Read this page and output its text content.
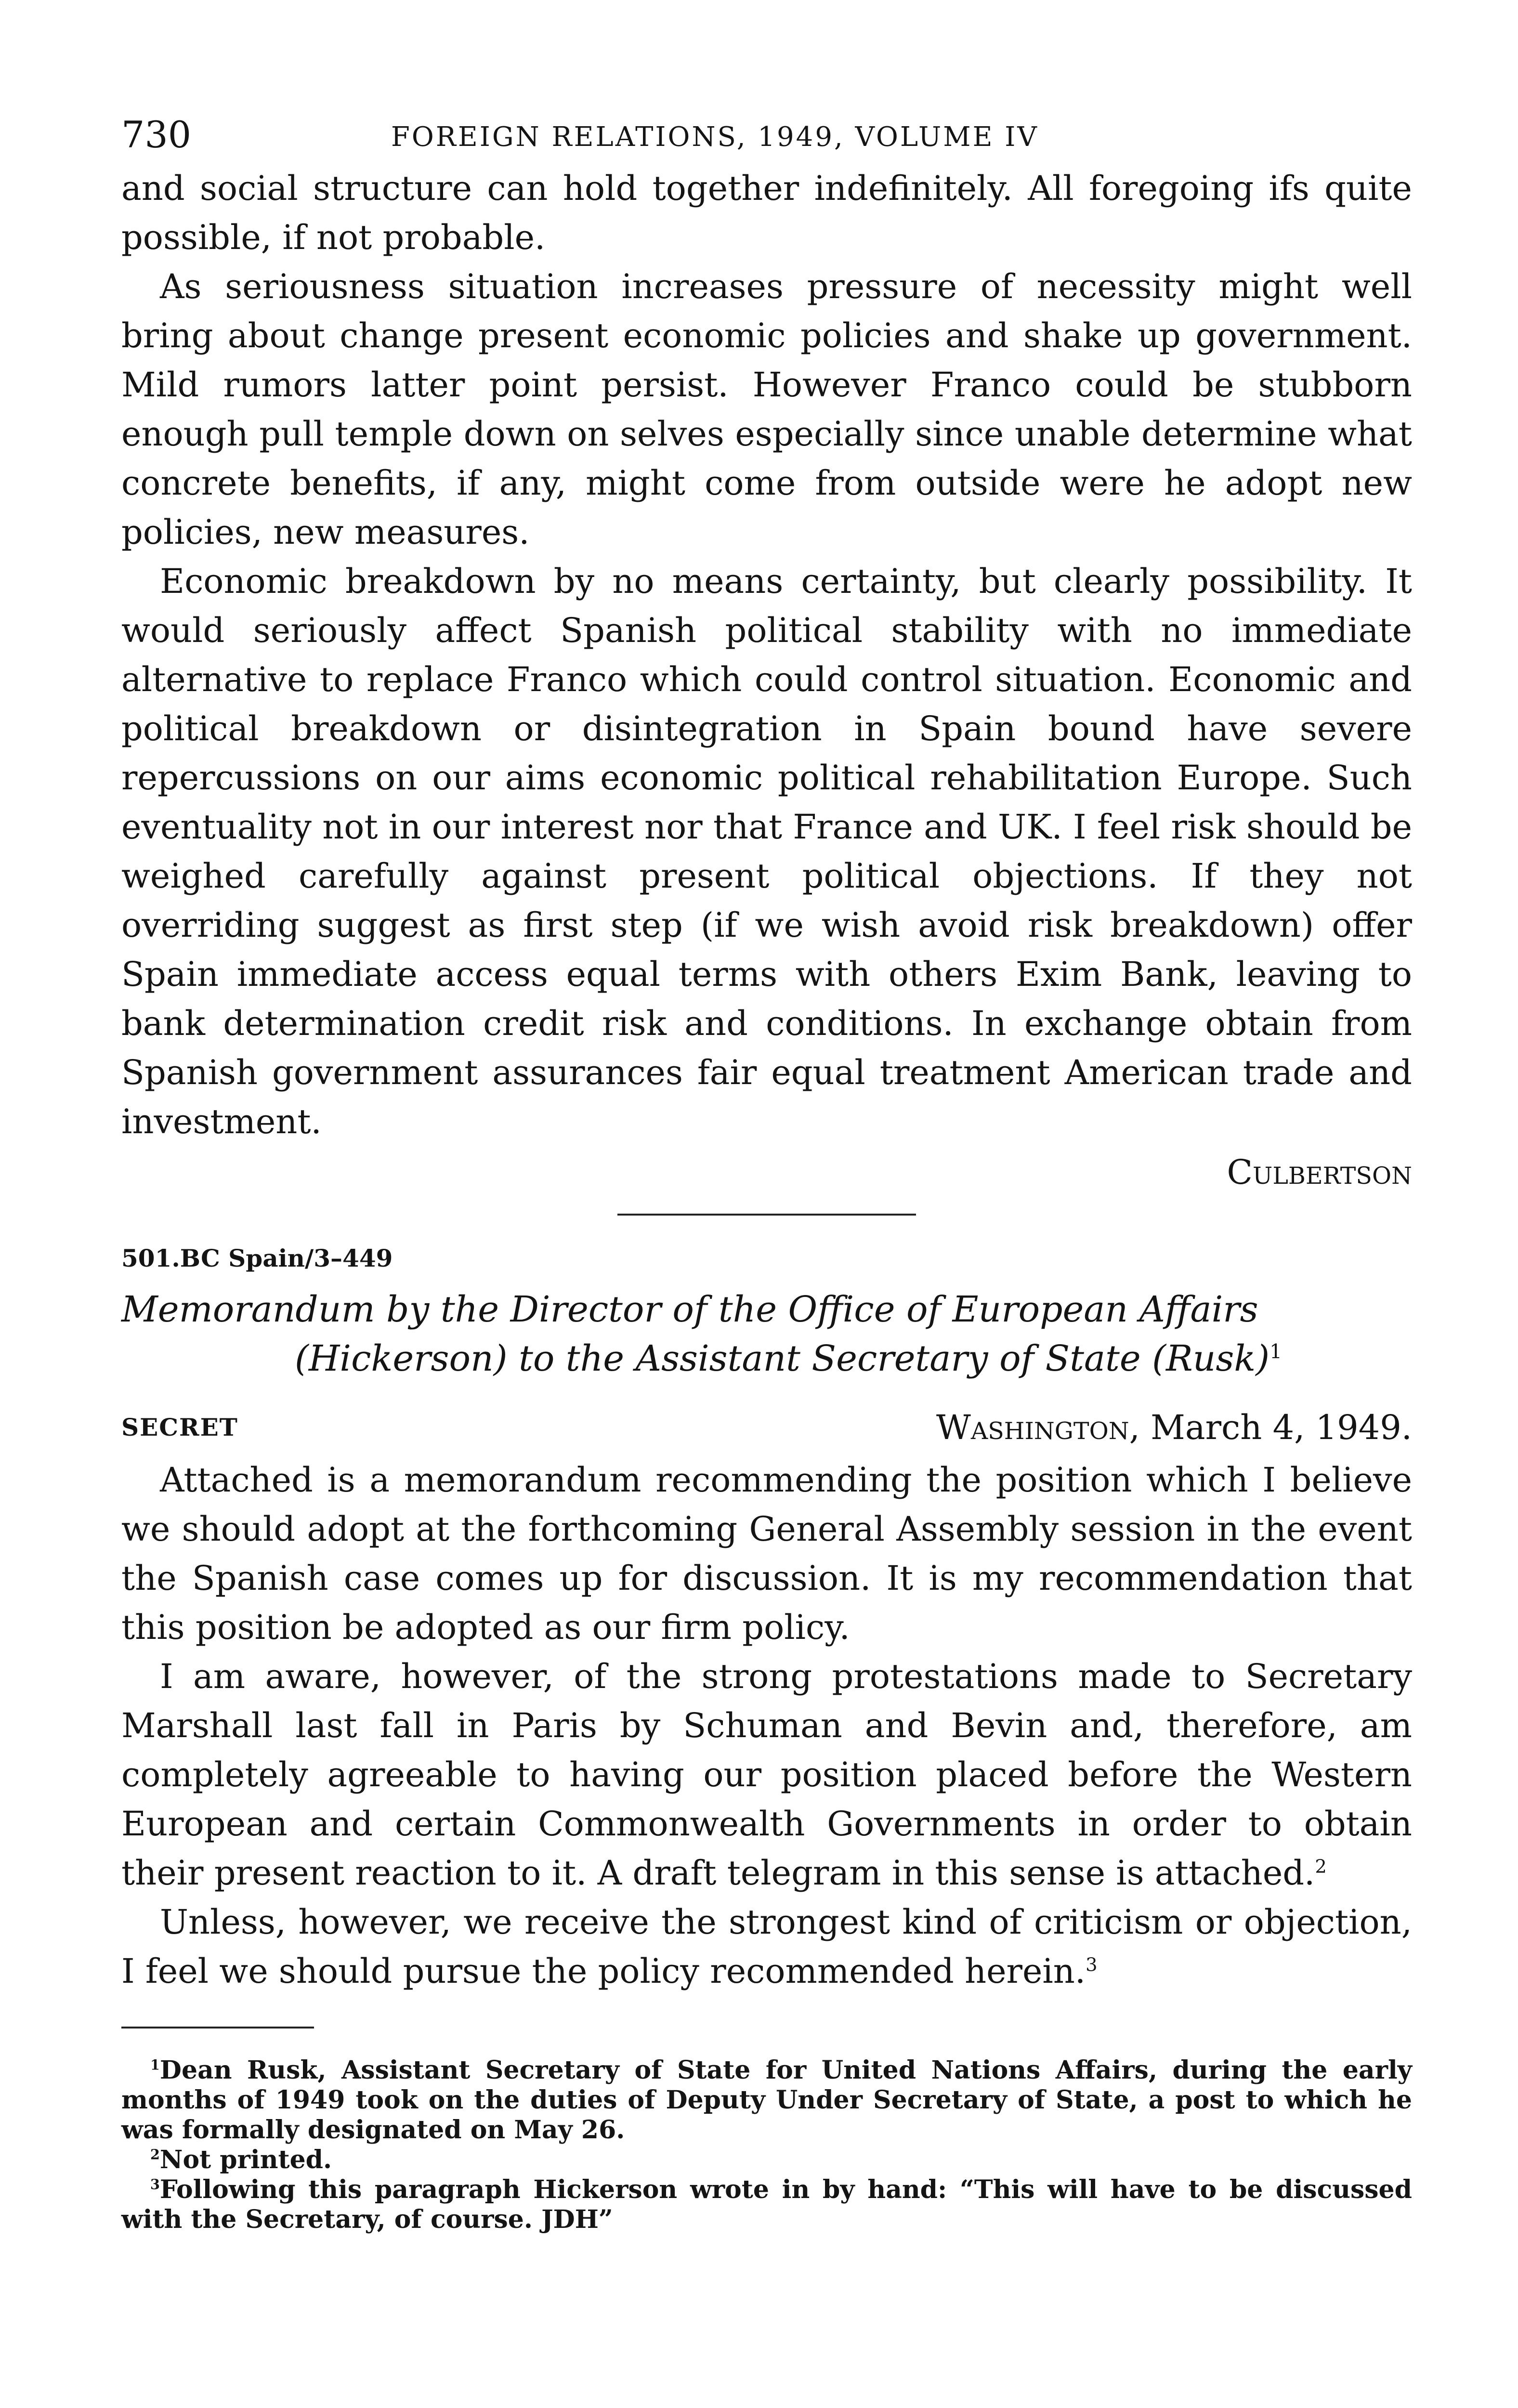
730	FOREIGN RELATIONS, 1949, VOLUME IV

and social structure can hold together indefinitely. All foregoing ifs quite possible, if not probable.

As seriousness situation increases pressure of necessity might well bring about change present economic policies and shake up government. Mild rumors latter point persist. However Franco could be stubborn enough pull temple down on selves especially since unable determine what concrete benefits, if any, might come from outside were he adopt new policies, new measures.

Economic breakdown by no means certainty, but clearly possibility. It would seriously affect Spanish political stability with no immediate alternative to replace Franco which could control situation. Economic and political breakdown or disintegration in Spain bound have severe repercussions on our aims economic political rehabilitation Europe. Such eventuality not in our interest nor that France and UK. I feel risk should be weighed carefully against present political objections. If they not overriding suggest as first step (if we wish avoid risk breakdown) offer Spain immediate access equal terms with others Exim Bank, leaving to bank determination credit risk and conditions. In exchange obtain from Spanish government assurances fair equal treatment American trade and investment.

Culbertson
501.BC Spain/3–449
Memorandum by the Director of the Office of European Affairs
(Hickerson) to the Assistant Secretary of State (Rusk)$^1$
SECRET	Washington, March 4, 1949.

Attached is a memorandum recommending the position which I believe we should adopt at the forthcoming General Assembly session in the event the Spanish case comes up for discussion. It is my recommendation that this position be adopted as our firm policy.

I am aware, however, of the strong protestations made to Secretary Marshall last fall in Paris by Schuman and Bevin and, therefore, am completely agreeable to having our position placed before the Western European and certain Commonwealth Governments in order to obtain their present reaction to it. A draft telegram in this sense is attached.$^2$

Unless, however, we receive the strongest kind of criticism or objection, I feel we should pursue the policy recommended herein.$^3$

$^1$Dean Rusk, Assistant Secretary of State for United Nations Affairs, during the early months of 1949 took on the duties of Deputy Under Secretary of State, a post to which he was formally designated on May 26.

$^2$Not printed.

$^3$Following this paragraph Hickerson wrote in by hand: “This will have to be discussed with the Secretary, of course. JDH”
